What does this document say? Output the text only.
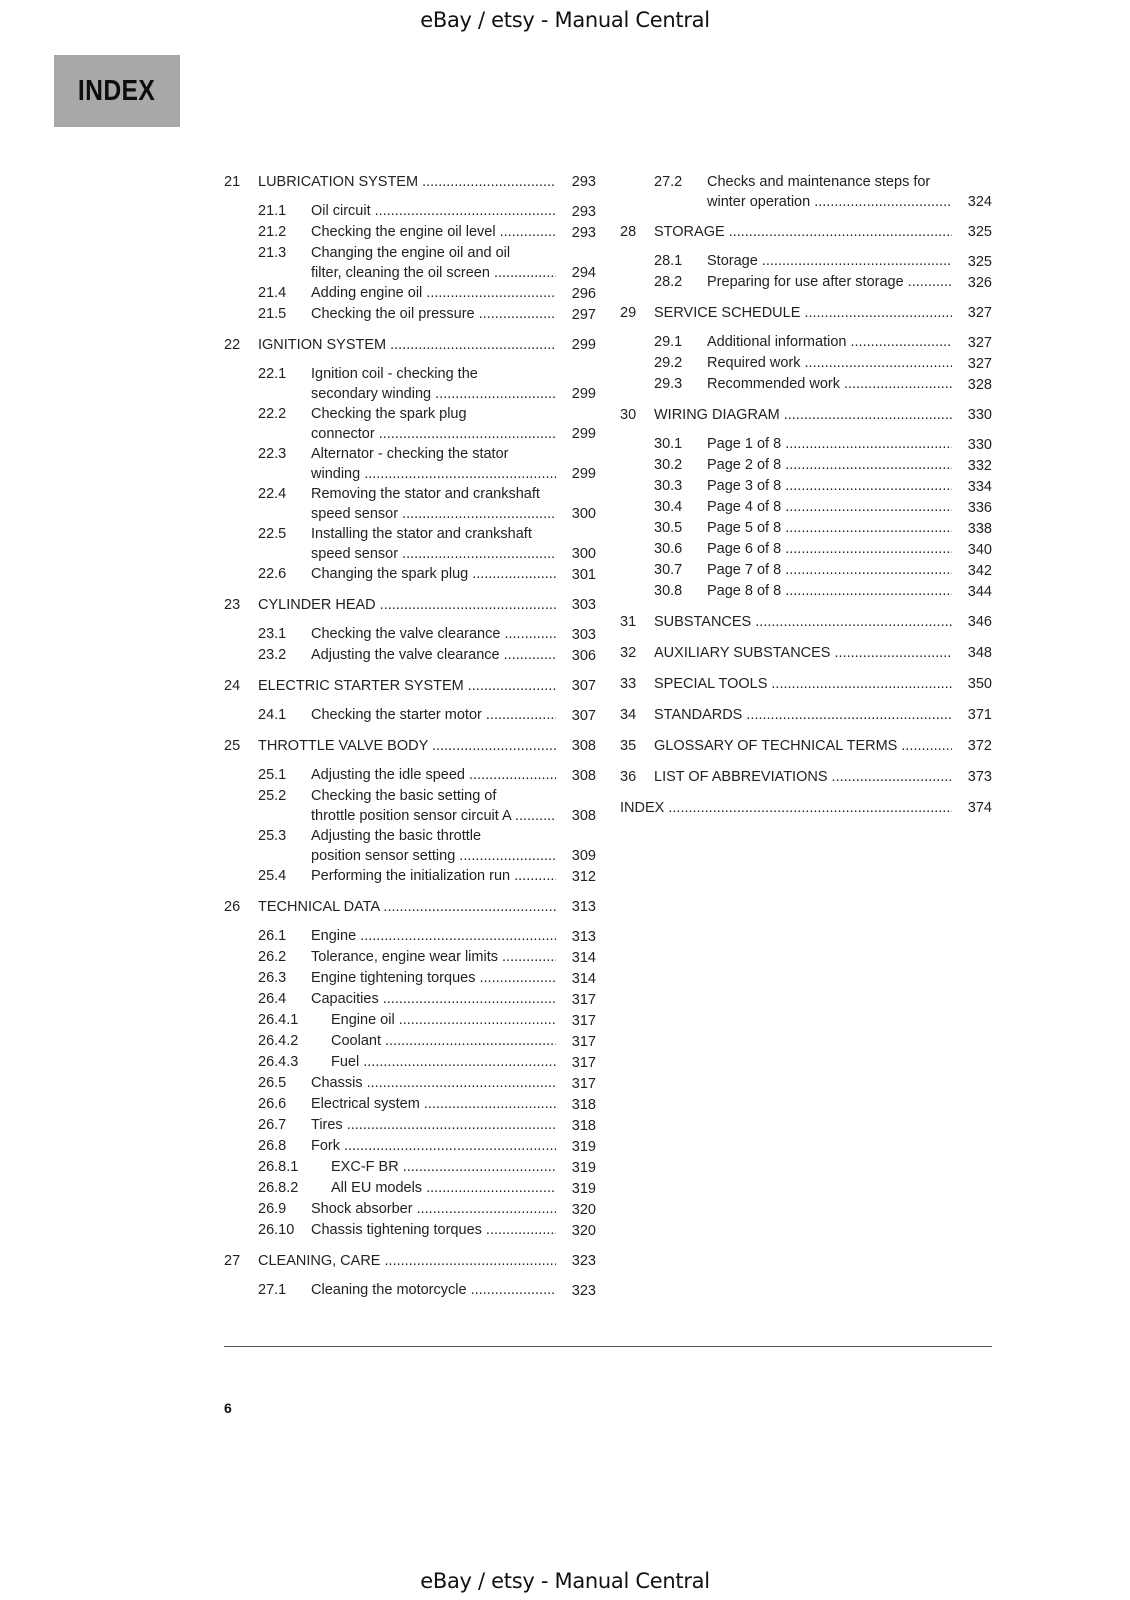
eBay / etsy - Manual Central
INDEX
21 LUBRICATION SYSTEM .....	293
21.1 Oil circuit .....	293
21.2 Checking the engine oil level .....	293
21.3 Changing the engine oil and oil
filter, cleaning the oil screen .....	294
21.4 Adding engine oil .....	296
21.5 Checking the oil pressure .....	297
22 IGNITION SYSTEM .....	299
22.1 Ignition coil - checking the
secondary winding .....	299
22.2 Checking the spark plug
connector .....	299
22.3 Alternator - checking the stator
winding .....	299
22.4 Removing the stator and crankshaft
speed sensor .....	300
22.5 Installing the stator and crankshaft
speed sensor .....	300
22.6 Changing the spark plug .....	301
23 CYLINDER HEAD .....	303
23.1 Checking the valve clearance .....	303
23.2 Adjusting the valve clearance .....	306
24 ELECTRIC STARTER SYSTEM .....	307
24.1 Checking the starter motor .....	307
25 THROTTLE VALVE BODY .....	308
25.1 Adjusting the idle speed .....	308
25.2 Checking the basic setting of
throttle position sensor circuit A .....	308
25.3 Adjusting the basic throttle
position sensor setting .....	309
25.4 Performing the initialization run .....	312
26 TECHNICAL DATA .....	313
26.1 Engine .....	313
26.2 Tolerance, engine wear limits .....	314
26.3 Engine tightening torques .....	314
26.4 Capacities .....	317
26.4.1 Engine oil .....	317
26.4.2 Coolant .....	317
26.4.3 Fuel .....	317
26.5 Chassis .....	317
26.6 Electrical system .....	318
26.7 Tires .....	318
26.8 Fork .....	319
26.8.1 EXC-F BR .....	319
26.8.2 All EU models .....	319
26.9 Shock absorber .....	320
26.10 Chassis tightening torques .....	320
27 CLEANING, CARE .....	323
27.1 Cleaning the motorcycle .....	323
27.2 Checks and maintenance steps for
winter operation .....	324
28 STORAGE .....	325
28.1 Storage .....	325
28.2 Preparing for use after storage .....	326
29 SERVICE SCHEDULE .....	327
29.1 Additional information .....	327
29.2 Required work .....	327
29.3 Recommended work .....	328
30 WIRING DIAGRAM .....	330
30.1 Page 1 of 8 .....	330
30.2 Page 2 of 8 .....	332
30.3 Page 3 of 8 .....	334
30.4 Page 4 of 8 .....	336
30.5 Page 5 of 8 .....	338
30.6 Page 6 of 8 .....	340
30.7 Page 7 of 8 .....	342
30.8 Page 8 of 8 .....	344
31 SUBSTANCES .....	346
32 AUXILIARY SUBSTANCES .....	348
33 SPECIAL TOOLS .....	350
34 STANDARDS .....	371
35 GLOSSARY OF TECHNICAL TERMS .....	372
36 LIST OF ABBREVIATIONS .....	373
INDEX .....	374
6
eBay / etsy - Manual Central
